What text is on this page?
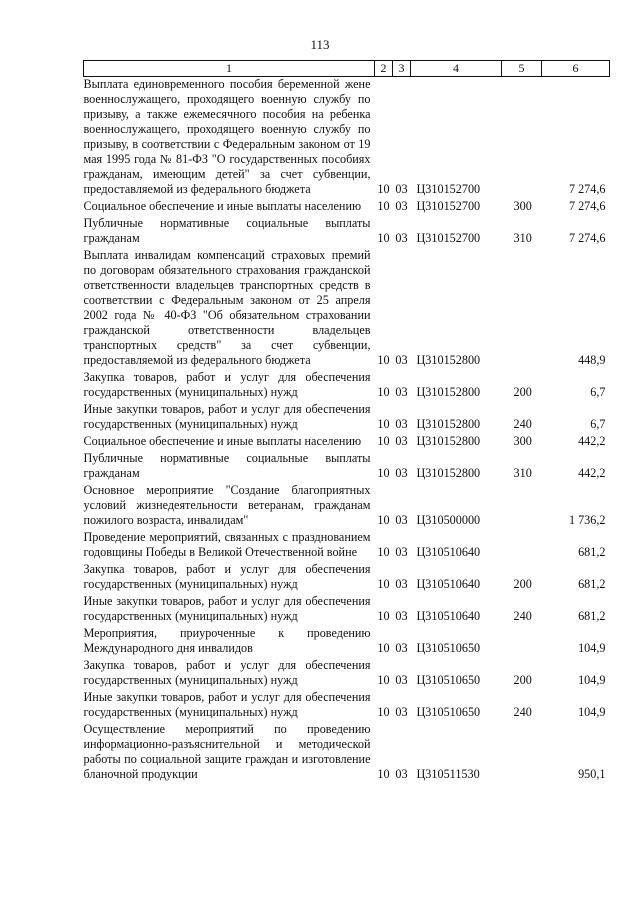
113
1	2	3	4	5	6
Выплата единовременного пособия беременной жене военнослужащего, проходящего военную службу по призыву, а также ежемесячного пособия на ребенка военнослужащего, проходящего военную службу по призыву, в соответствии с Федеральным законом от 19 мая 1995 года № 81-ФЗ "О государственных пособиях гражданам, имеющим детей" за счет субвенции, предоставляемой из федерального бюджета	10	03	Ц310152700		7 274,6

Социальное обеспечение и иные выплаты населению	10	03	Ц310152700	300	7 274,6

Публичные нормативные социальные выплаты гражданам	10	03	Ц310152700	310	7 274,6

Выплата инвалидам компенсаций страховых премий по договорам обязательного страхования гражданской ответственности владельцев транспортных средств в соответствии с Федеральным законом от 25 апреля 2002 года № 40-ФЗ "Об обязательном страховании гражданской ответственности владельцев транспортных средств" за счет субвенции, предоставляемой из федерального бюджета	10	03	Ц310152800		448,9

Закупка товаров, работ и услуг для обеспечения государственных (муниципальных) нужд	10	03	Ц310152800	200	6,7

Иные закупки товаров, работ и услуг для обеспечения государственных (муниципальных) нужд	10	03	Ц310152800	240	6,7

Социальное обеспечение и иные выплаты населению	10	03	Ц310152800	300	442,2

Публичные нормативные социальные выплаты гражданам	10	03	Ц310152800	310	442,2

Основное мероприятие "Создание благоприятных условий жизнедеятельности ветеранам, гражданам пожилого возраста, инвалидам"	10	03	Ц310500000		1 736,2

Проведение мероприятий, связанных с празднованием годовщины Победы в Великой Отечественной войне	10	03	Ц310510640		681,2

Закупка товаров, работ и услуг для обеспечения государственных (муниципальных) нужд	10	03	Ц310510640	200	681,2

Иные закупки товаров, работ и услуг для обеспечения государственных (муниципальных) нужд	10	03	Ц310510640	240	681,2

Мероприятия, приуроченные к проведению Международного дня инвалидов	10	03	Ц310510650		104,9

Закупка товаров, работ и услуг для обеспечения государственных (муниципальных) нужд	10	03	Ц310510650	200	104,9

Иные закупки товаров, работ и услуг для обеспечения государственных (муниципальных) нужд	10	03	Ц310510650	240	104,9

Осуществление мероприятий по проведению информационно-разъяснительной и методической работы по социальной защите граждан и изготовление бланочной продукции	10	03	Ц310511530		950,1
